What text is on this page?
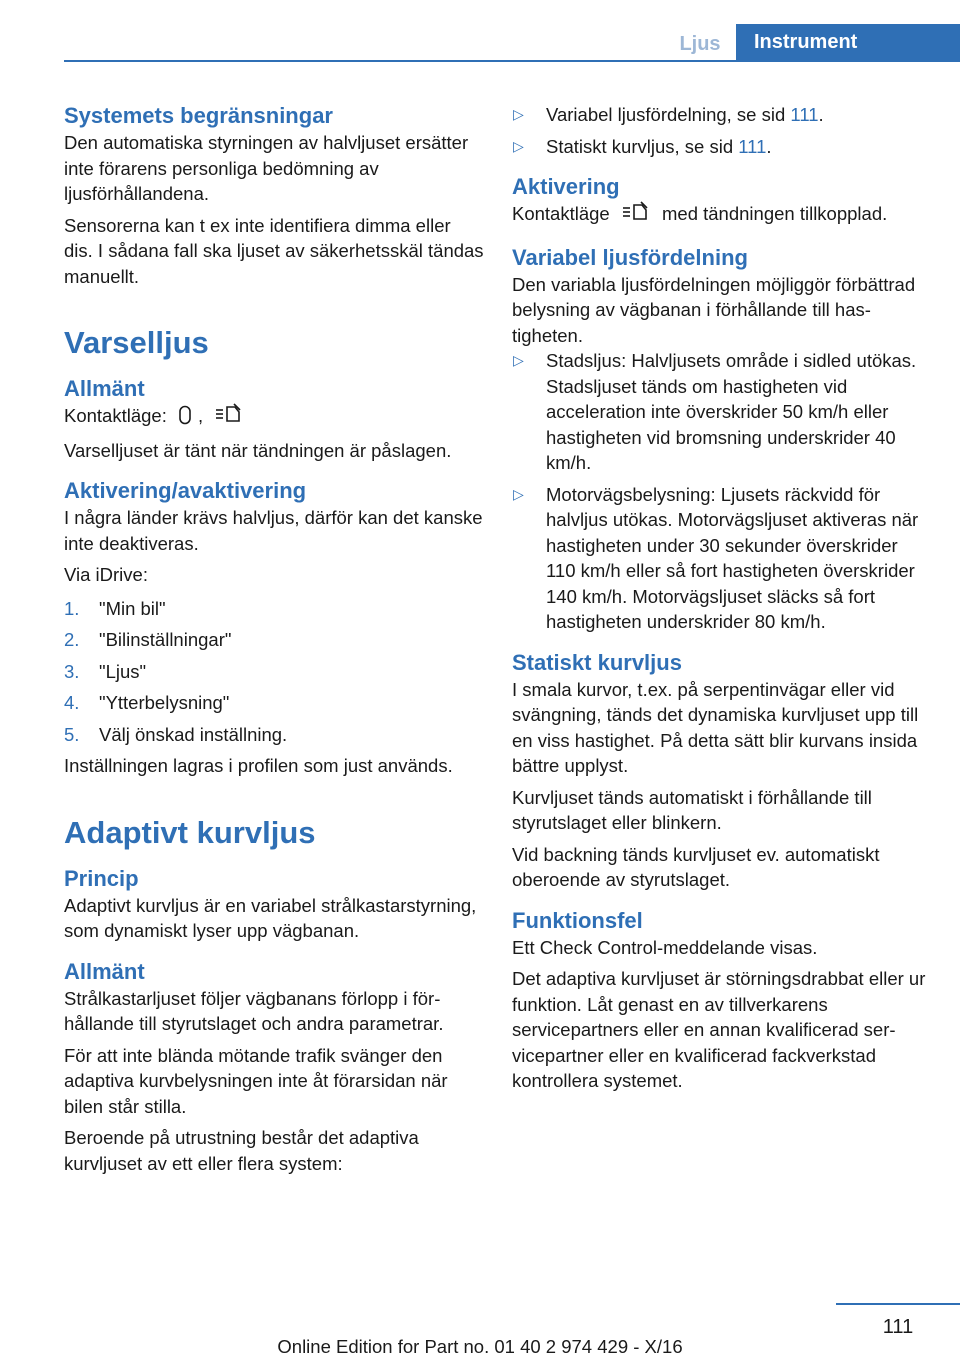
Ljus	Instrument
Systemets begränsningar

Den automatiska styrningen av halvljuset ersätter inte förarens personliga bedömning av ljusförhållandena.

Sensorerna kan t ex inte identifiera dimma eller dis. I sådana fall ska ljuset av säkerhetsskäl tändas manuellt.

Varselljus
Allmänt

Kontaktläge: ,

Varselljuset är tänt när tändningen är påslagen.

Aktivering/avaktivering

I några länder krävs halvljus, därför kan det kanske inte deaktiveras.

Via iDrive:

1. "Min bil"
2. "Bilinställningar"
3. "Ljus"
4. "Ytterbelysning"
5. Välj önskad inställning.

Inställningen lagras i profilen som just används.

Adaptivt kurvljus
Princip

Adaptivt kurvljus är en variabel strålkastarstyrning, som dynamiskt lyser upp vägbanan.

Allmänt

Strålkastarljuset följer vägbanans förlopp i förhållande till styrutslaget och andra parametrar.

För att inte blända mötande trafik svänger den adaptiva kurvbelysningen inte åt förarsidan när bilen står stilla.

Beroende på utrustning består det adaptiva kurvljuset av ett eller flera system:

▷ Variabel ljusfördelning, se sid 111.
▷ Statiskt kurvljus, se sid 111.
Aktivering

Kontaktläge	med tändningen tillkopplad.

Variabel ljusfördelning

Den variabla ljusfördelningen möjliggör förbättrad belysning av vägbanan i förhållande till hastigheten.

▷ Stadsljus: Halvljusets område i sidled utökas. Stadsljuset tänds om hastigheten vid acceleration inte överskrider 50 km/h eller hastigheten vid bromsning underskrider 40 km/h.
▷ Motorvägsbelysning: Ljusets räckvidd för halvljus utökas. Motorvägsljuset aktiveras när hastigheten under 30 sekunder överskrider 110 km/h eller så fort hastigheten överskrider 140 km/h. Motorvägsljuset släcks så fort hastigheten underskrider 80 km/h.
Statiskt kurvljus

I smala kurvor, t.ex. på serpentinvägar eller vid svängning, tänds det dynamiska kurvljuset upp till en viss hastighet. På detta sätt blir kurvans insida bättre upplyst.

Kurvljuset tänds automatiskt i förhållande till styrutslaget eller blinkern.

Vid backning tänds kurvljuset ev. automatiskt oberoende av styrutslaget.

Funktionsfel

Ett Check Control-meddelande visas.

Det adaptiva kurvljuset är störningsdrabbat eller ur funktion. Låt genast en av tillverkarens servicepartners eller en annan kvalificerad servicepartner eller en kvalificerad fackverkstad kontrollera systemet.

111
Online Edition for Part no. 01 40 2 974 429 - X/16
